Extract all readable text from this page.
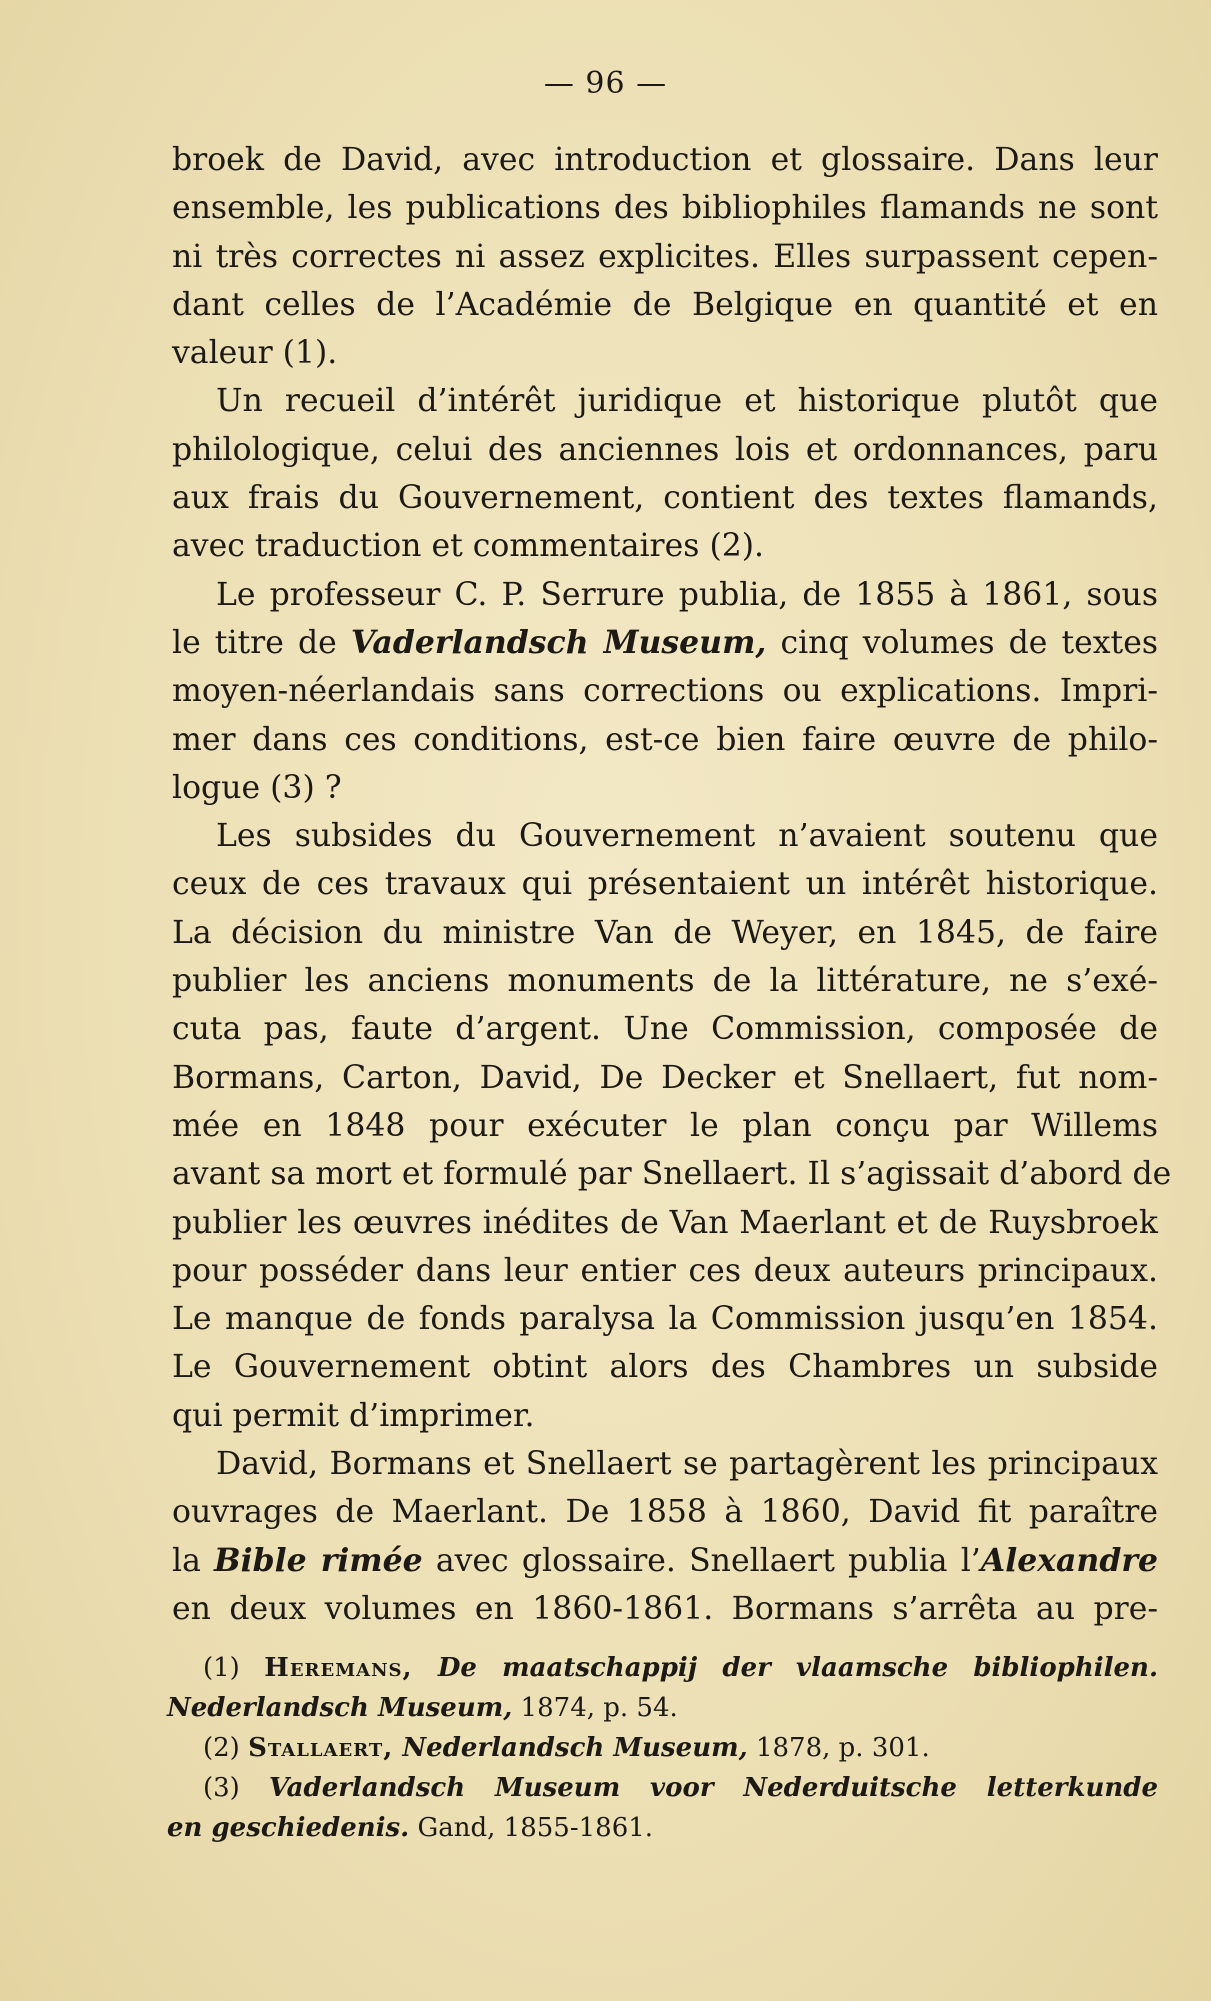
— 96 —
broek de David, avec introduction et glossaire. Dans leur
ensemble, les publications des bibliophiles flamands ne sont
ni très correctes ni assez explicites. Elles surpassent cepen-
dant celles de l’Académie de Belgique en quantité et en
valeur (1).
Un recueil d’intérêt juridique et historique plutôt que
philologique, celui des anciennes lois et ordonnances, paru
aux frais du Gouvernement, contient des textes flamands,
avec traduction et commentaires (2).
Le professeur C. P. Serrure publia, de 1855 à 1861, sous
le titre de Vaderlandsch Museum, cinq volumes de textes
moyen-néerlandais sans corrections ou explications. Impri-
mer dans ces conditions, est-ce bien faire œuvre de philo-
logue (3) ?
Les subsides du Gouvernement n’avaient soutenu que
ceux de ces travaux qui présentaient un intérêt historique.
La décision du ministre Van de Weyer, en 1845, de faire
publier les anciens monuments de la littérature, ne s’exé-
cuta pas, faute d’argent. Une Commission, composée de
Bormans, Carton, David, De Decker et Snellaert, fut nom-
mée en 1848 pour exécuter le plan conçu par Willems
avant sa mort et formulé par Snellaert. Il s’agissait d’abord de
publier les œuvres inédites de Van Maerlant et de Ruysbroek
pour posséder dans leur entier ces deux auteurs principaux.
Le manque de fonds paralysa la Commission jusqu’en 1854.
Le Gouvernement obtint alors des Chambres un subside
qui permit d’imprimer.
David, Bormans et Snellaert se partagèrent les principaux
ouvrages de Maerlant. De 1858 à 1860, David fit paraître
la Bible rimée avec glossaire. Snellaert publia l’Alexandre
en deux volumes en 1860-1861. Bormans s’arrêta au pre-
(1) Heremans, De maatschappij der vlaamsche bibliophilen.
Nederlandsch Museum, 1874, p. 54.
(2) Stallaert, Nederlandsch Museum, 1878, p. 301.
(3) Vaderlandsch Museum voor Nederduitsche letterkunde
en geschiedenis. Gand, 1855-1861.
